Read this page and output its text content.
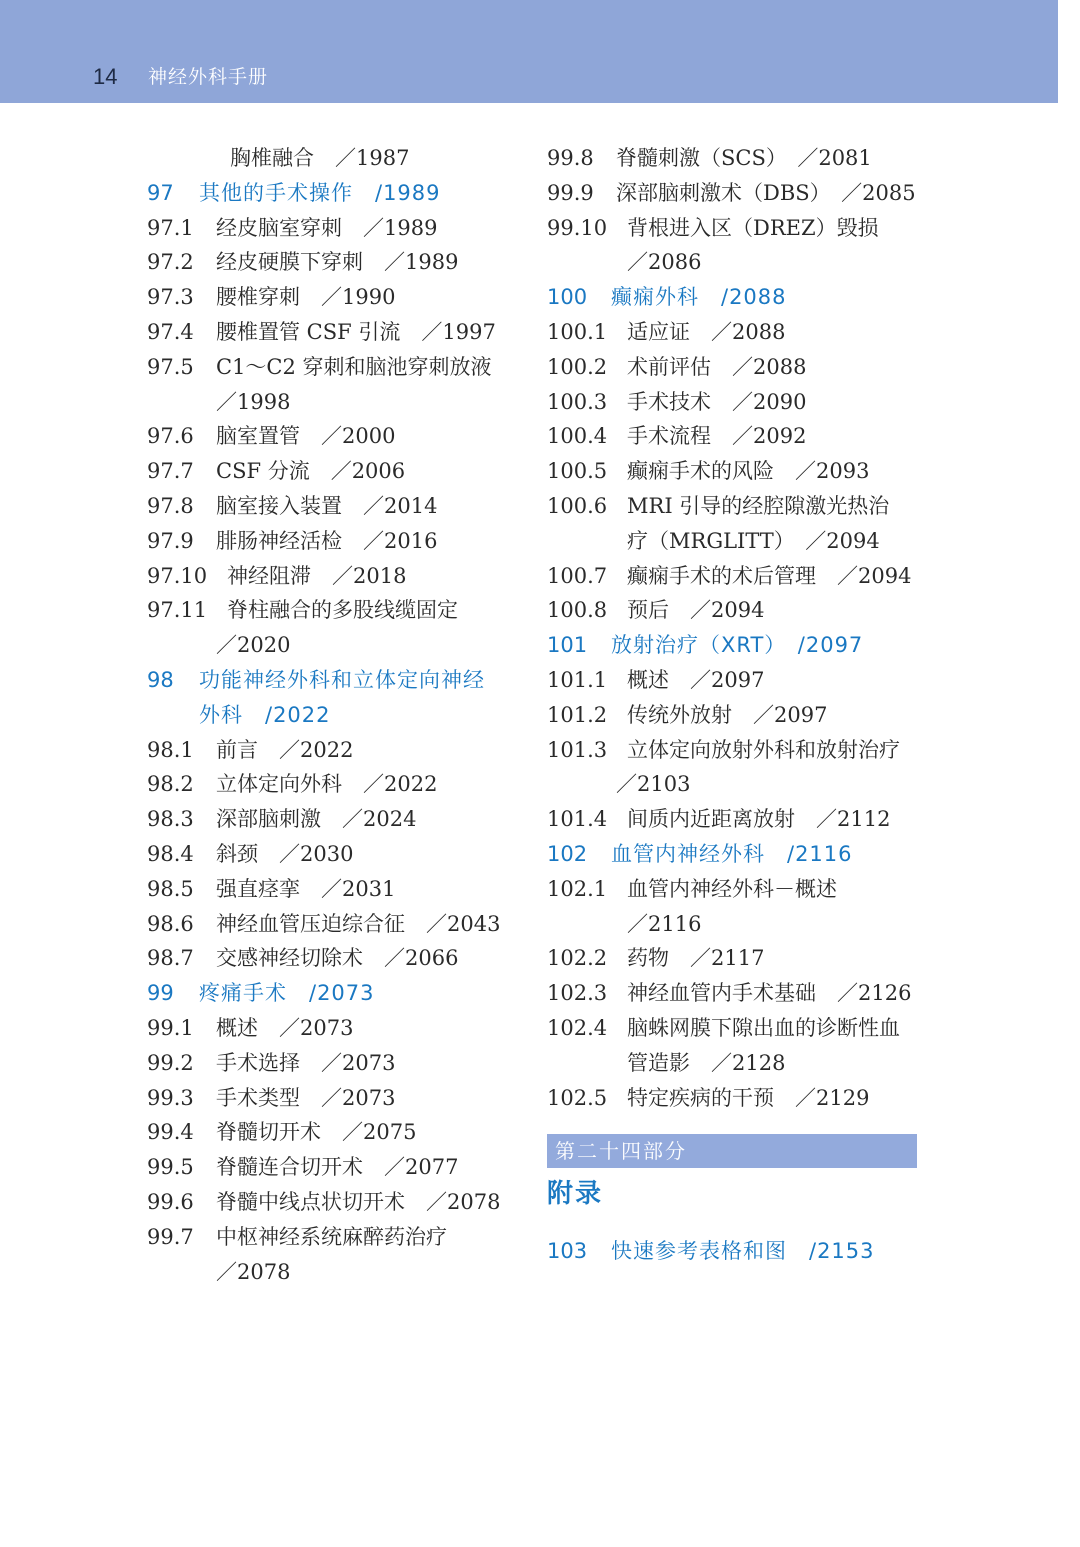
14 神经外科手册
胸椎融合　／1987
97 其他的手术操作　/1989
97.1 经皮脑室穿刺　／1989
97.2 经皮硬膜下穿刺　／1989
97.3 腰椎穿刺　／1990
97.4 腰椎置管 CSF 引流　／1997
97.5 C1～C2 穿刺和脑池穿刺放液
／1998
97.6 脑室置管　／2000
97.7 CSF 分流　／2006
97.8 脑室接入装置　／2014
97.9 腓肠神经活检　／2016
97.10 神经阻滞　／2018
97.11 脊柱融合的多股线缆固定
／2020
98 功能神经外科和立体定向神经
外科　/2022
98.1 前言　／2022
98.2 立体定向外科　／2022
98.3 深部脑刺激　／2024
98.4 斜颈　／2030
98.5 强直痉挛　／2031
98.6 神经血管压迫综合征　／2043
98.7 交感神经切除术　／2066
99 疼痛手术　/2073
99.1 概述　／2073
99.2 手术选择　／2073
99.3 手术类型　／2073
99.4 脊髓切开术　／2075
99.5 脊髓连合切开术　／2077
99.6 脊髓中线点状切开术　／2078
99.7 中枢神经系统麻醉药治疗
／2078
99.8 脊髓刺激（SCS）　／2081
99.9 深部脑刺激术（DBS）　／2085
99.10 背根进入区（DREZ）毁损
／2086
100 癫痫外科　/2088
100.1 适应证　／2088
100.2 术前评估　／2088
100.3 手术技术　／2090
100.4 手术流程　／2092
100.5 癫痫手术的风险　／2093
100.6 MRI 引导的经腔隙激光热治
疗（MRGLITT）　／2094
100.7 癫痫手术的术后管理　／2094
100.8 预后　／2094
101 放射治疗（XRT）　/2097
101.1 概述　／2097
101.2 传统外放射　／2097
101.3 立体定向放射外科和放射治疗
／2103
101.4 间质内近距离放射　／2112
102 血管内神经外科　/2116
102.1 血管内神经外科－概述
／2116
102.2 药物　／2117
102.3 神经血管内手术基础　／2126
102.4 脑蛛网膜下隙出血的诊断性血
管造影　／2128
102.5 特定疾病的干预　／2129
第二十四部分
附录
103 快速参考表格和图　/2153
